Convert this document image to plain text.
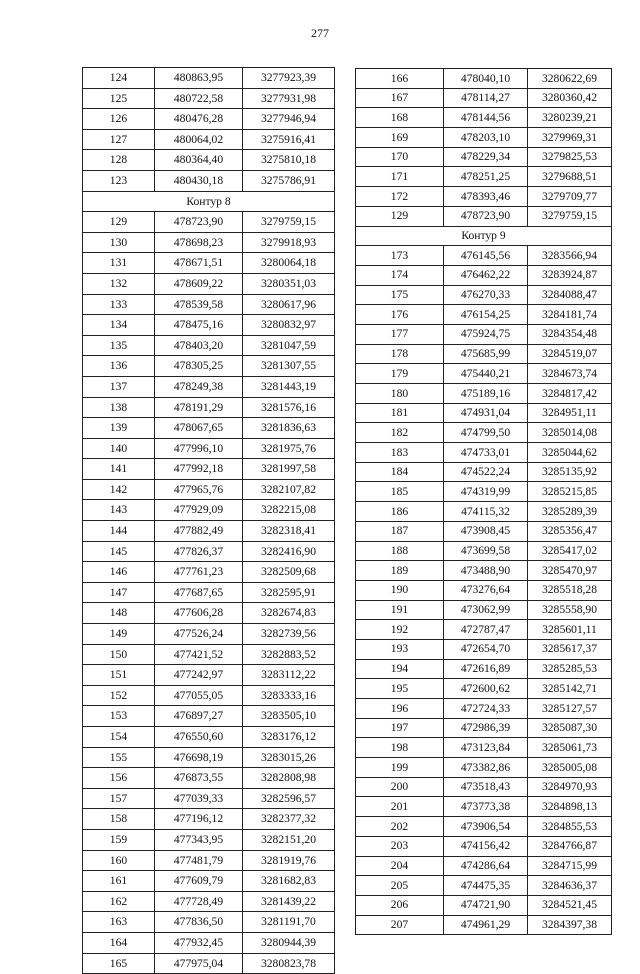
277
124	480863,95	3277923,39
125	480722,58	3277931,98
126	480476,28	3277946,94
127	480064,02	3275916,41
128	480364,40	3275810,18
123	480430,18	3275786,91
Контур 8		
129	478723,90	3279759,15
130	478698,23	3279918,93
131	478671,51	3280064,18
132	478609,22	3280351,03
133	478539,58	3280617,96
134	478475,16	3280832,97
135	478403,20	3281047,59
136	478305,25	3281307,55
137	478249,38	3281443,19
138	478191,29	3281576,16
139	478067,65	3281836,63
140	477996,10	3281975,76
141	477992,18	3281997,58
142	477965,76	3282107,82
143	477929,09	3282215,08
144	477882,49	3282318,41
145	477826,37	3282416,90
146	477761,23	3282509,68
147	477687,65	3282595,91
148	477606,28	3282674,83
149	477526,24	3282739,56
150	477421,52	3282883,52
151	477242,97	3283112,22
152	477055,05	3283333,16
153	476897,27	3283505,10
154	476550,60	3283176,12
155	476698,19	3283015,26
156	476873,55	3282808,98
157	477039,33	3282596,57
158	477196,12	3282377,32
159	477343,95	3282151,20
160	477481,79	3281919,76
161	477609,79	3281682,83
162	477728,49	3281439,22
163	477836,50	3281191,70
164	477932,45	3280944,39
165	477975,04	3280823,78
166	478040,10	3280622,69
167	478114,27	3280360,42
168	478144,56	3280239,21
169	478203,10	3279969,31
170	478229,34	3279825,53
171	478251,25	3279688,51
172	478393,46	3279709,77
129	478723,90	3279759,15
Контур 9		
173	476145,56	3283566,94
174	476462,22	3283924,87
175	476270,33	3284088,47
176	476154,25	3284181,74
177	475924,75	3284354,48
178	475685,99	3284519,07
179	475440,21	3284673,74
180	475189,16	3284817,42
181	474931,04	3284951,11
182	474799,50	3285014,08
183	474733,01	3285044,62
184	474522,24	3285135,92
185	474319,99	3285215,85
186	474115,32	3285289,39
187	473908,45	3285356,47
188	473699,58	3285417,02
189	473488,90	3285470,97
190	473276,64	3285518,28
191	473062,99	3285558,90
192	472787,47	3285601,11
193	472654,70	3285617,37
194	472616,89	3285285,53
195	472600,62	3285142,71
196	472724,33	3285127,57
197	472986,39	3285087,30
198	473123,84	3285061,73
199	473382,86	3285005,08
200	473518,43	3284970,93
201	473773,38	3284898,13
202	473906,54	3284855,53
203	474156,42	3284766,87
204	474286,64	3284715,99
205	474475,35	3284636,37
206	474721,90	3284521,45
207	474961,29	3284397,38
